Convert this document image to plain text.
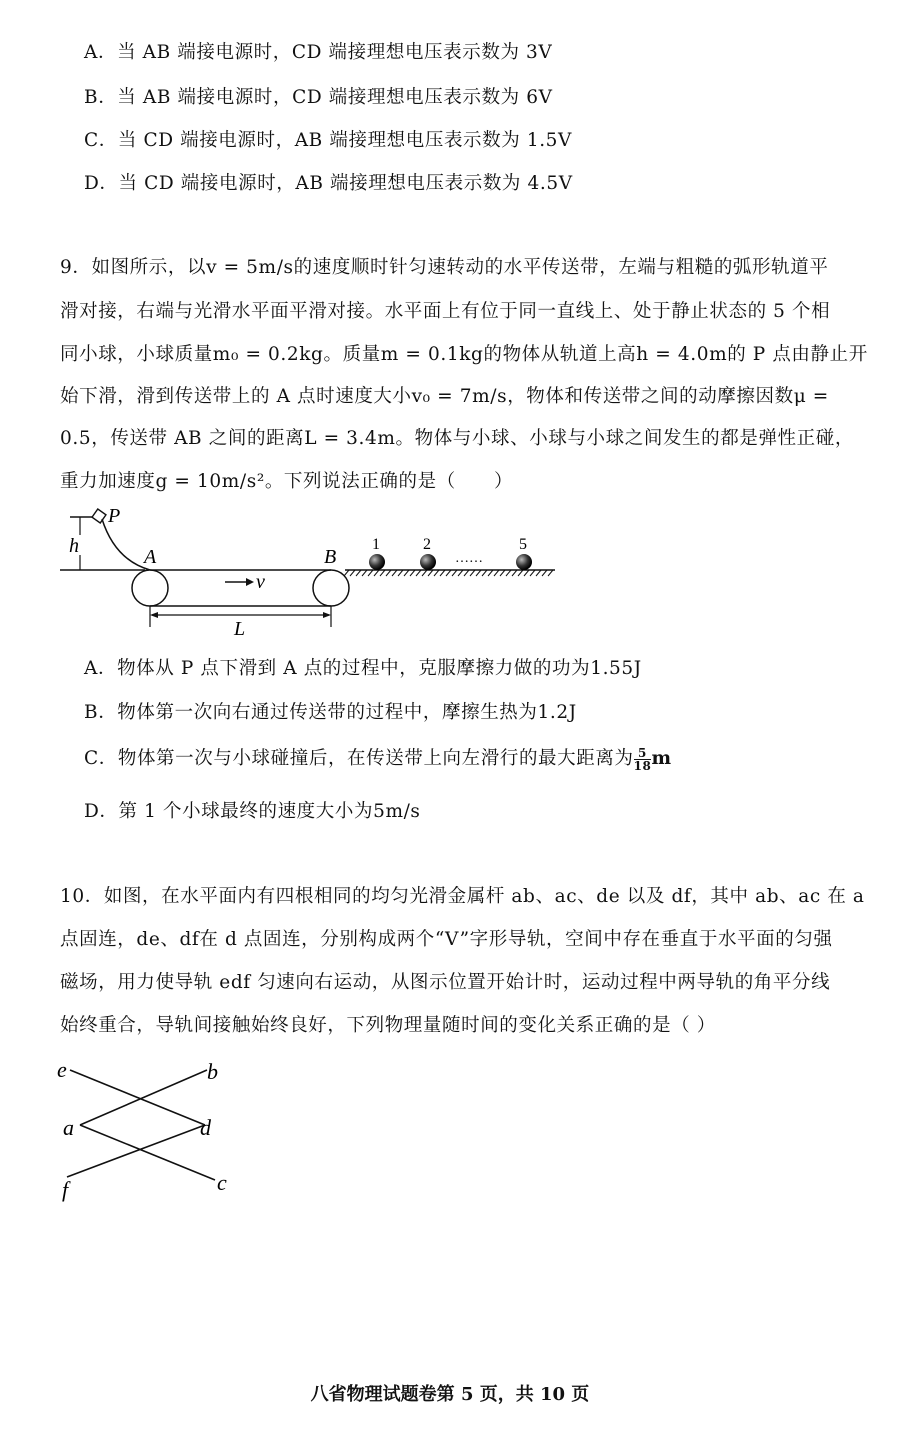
A．当 AB 端接电源时，CD 端接理想电压表示数为 3V
B．当 AB 端接电源时，CD 端接理想电压表示数为 6V
C．当 CD 端接电源时，AB 端接理想电压表示数为 1.5V
D．当 CD 端接电源时，AB 端接理想电压表示数为 4.5V
9．如图所示，以v = 5m/s的速度顺时针匀速转动的水平传送带，左端与粗糙的弧形轨道平
滑对接，右端与光滑水平面平滑对接。水平面上有位于同一直线上、处于静止状态的 5 个相
同小球，小球质量m₀ = 0.2kg。质量m = 0.1kg的物体从轨道上高h = 4.0m的 P 点由静止开
始下滑，滑到传送带上的 A 点时速度大小v₀ = 7m/s，物体和传送带之间的动摩擦因数μ =
0.5，传送带 AB 之间的距离L = 3.4m。物体与小球、小球与小球之间发生的都是弹性正碰，
重力加速度g = 10m/s²。下列说法正确的是（　　）
h
P
A
v
B
L
1	2	5
……
A．物体从 P 点下滑到 A 点的过程中，克服摩擦力做的功为1.55J
B．物体第一次向右通过传送带的过程中，摩擦生热为1.2J
C．物体第一次与小球碰撞后，在传送带上向左滑行的最大距离为 $\frac{5}{18}$ m
D．第 1 个小球最终的速度大小为5m/s
10．如图，在水平面内有四根相同的均匀光滑金属杆 ab、ac、de 以及 df，其中 ab、ac 在 a
点固连，de、df在 d 点固连，分别构成两个“V”字形导轨，空间中存在垂直于水平面的匀强
磁场，用力使导轨 edf 匀速向右运动，从图示位置开始计时，运动过程中两导轨的角平分线
始终重合，导轨间接触始终良好，下列物理量随时间的变化关系正确的是（ ）
e	b
a	d
f	c
八省物理试题卷第 5 页，共 10 页
